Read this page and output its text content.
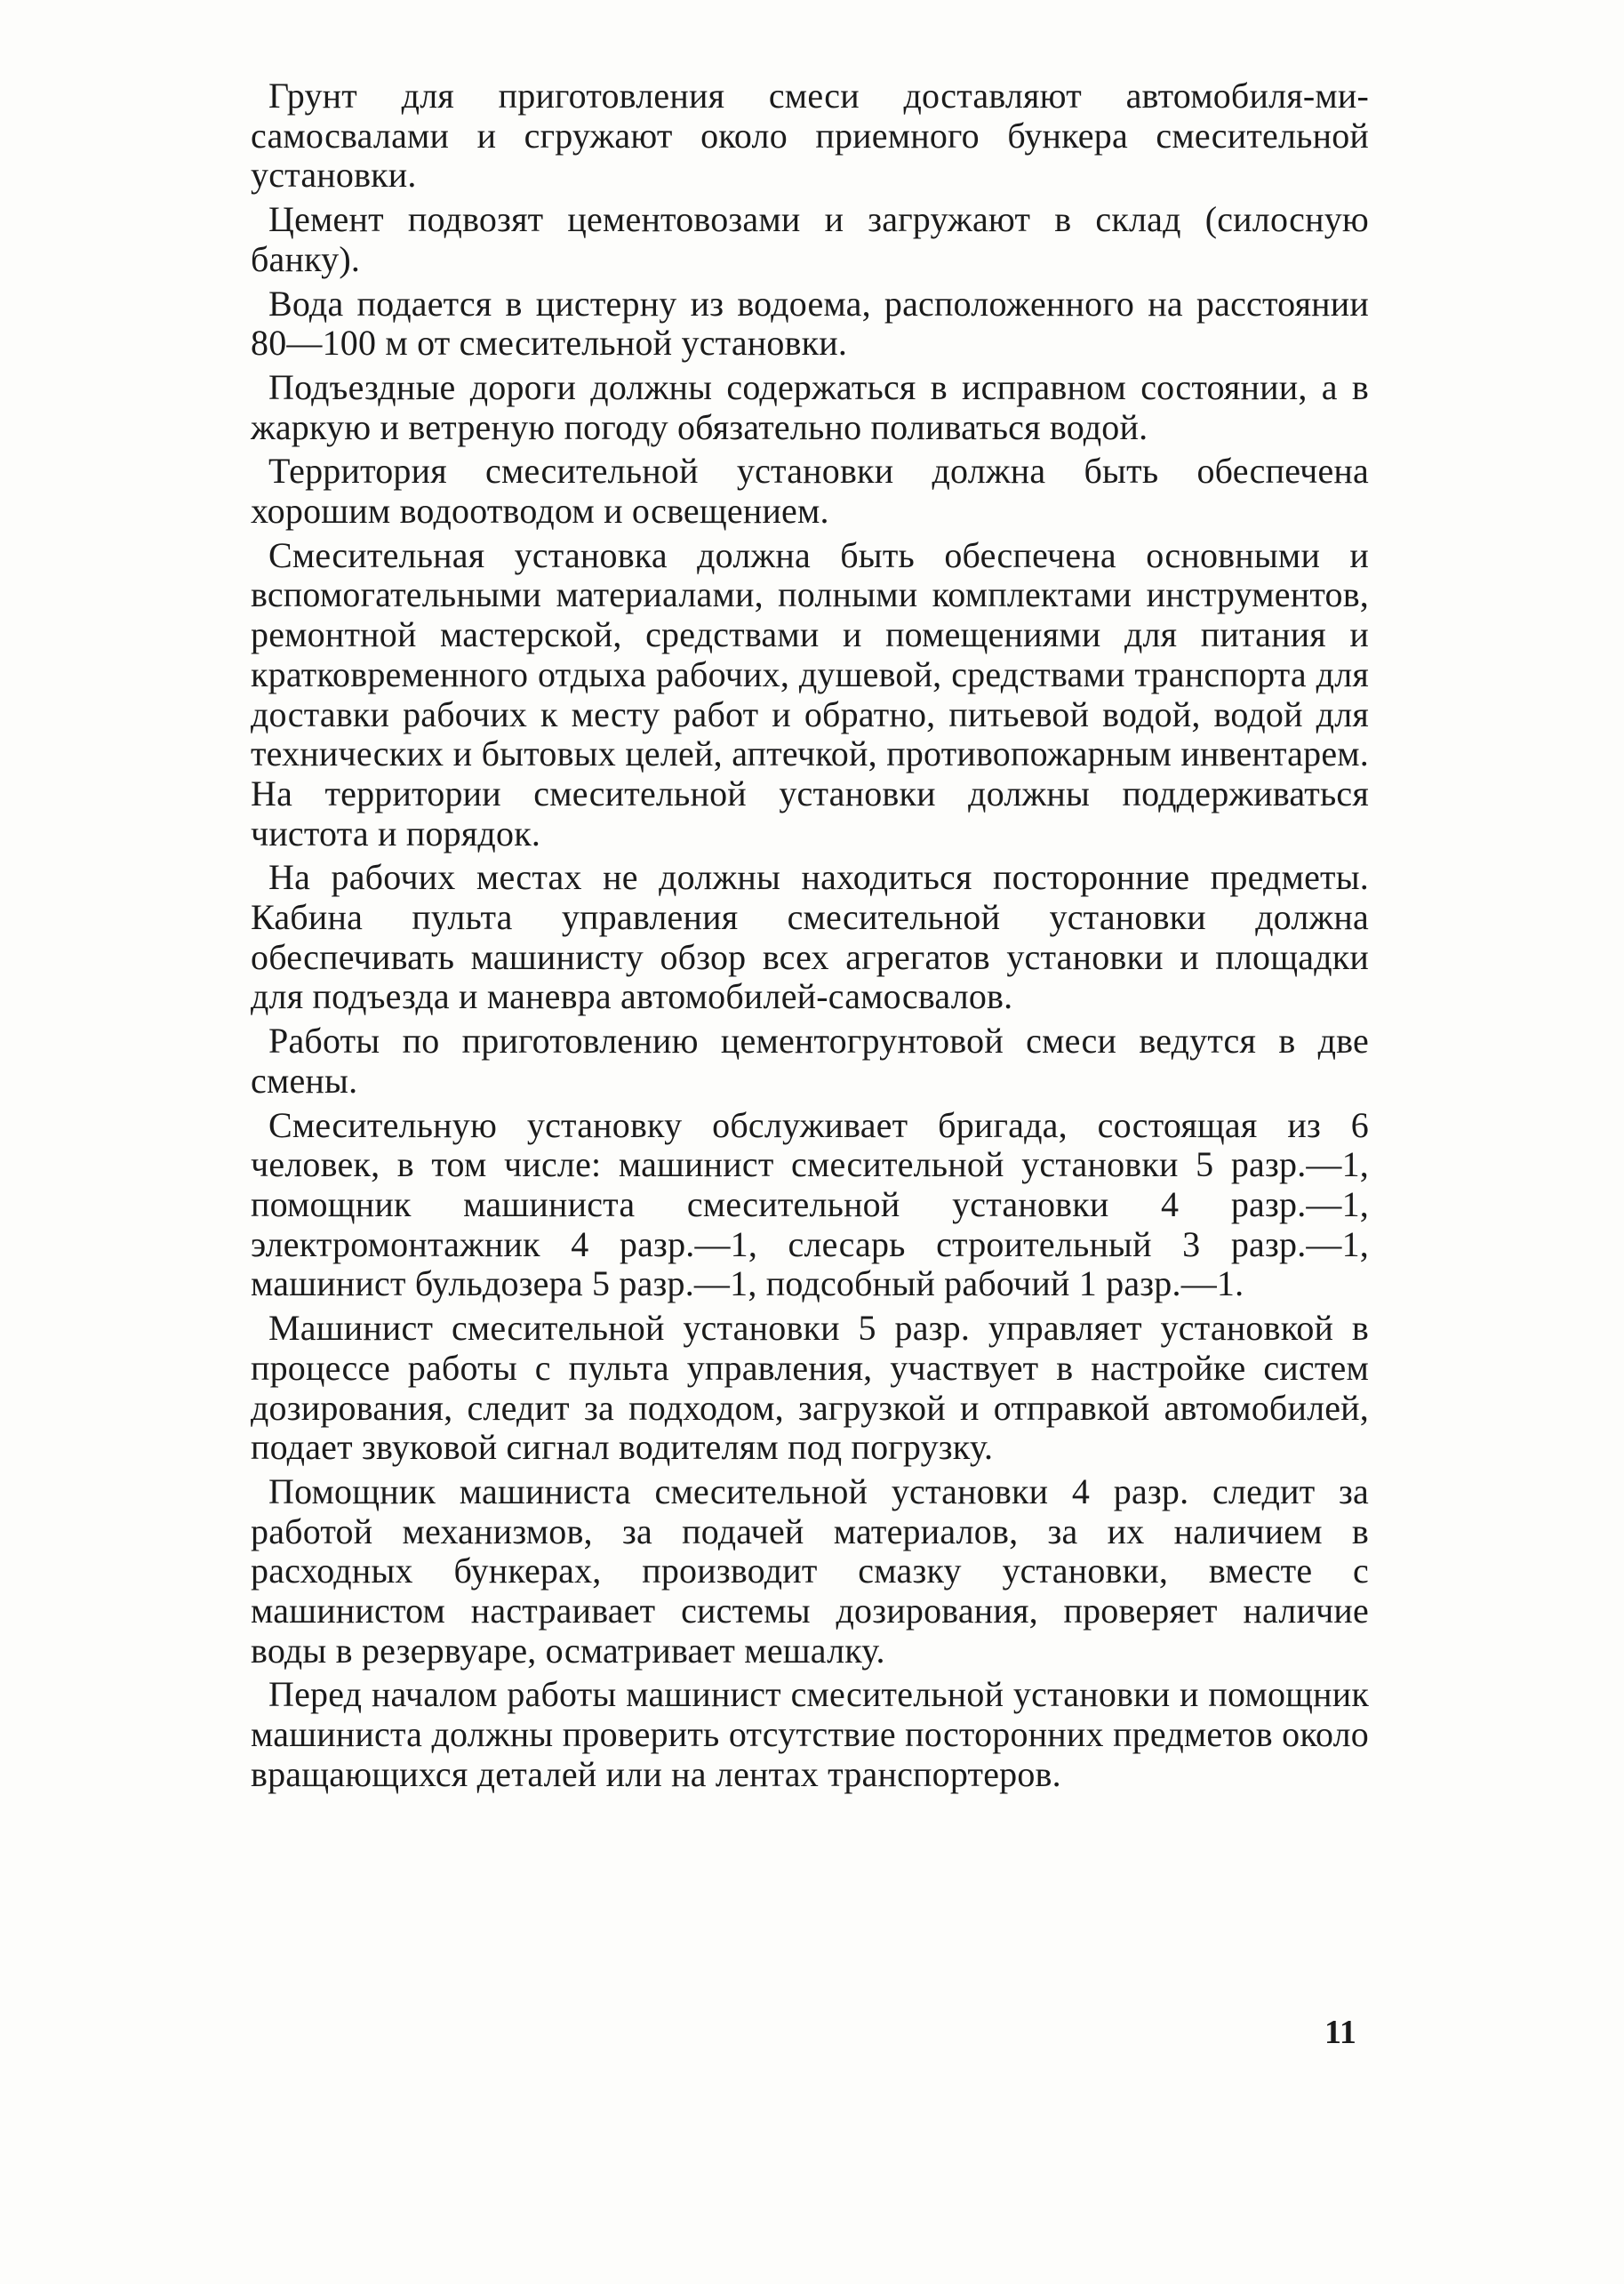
Грунт для приготовления смеси доставляют автомобиля-ми-самосвалами и сгружают около приемного бункера смесительной установки.

Цемент подвозят цементовозами и загружают в склад (силосную банку).

Вода подается в цистерну из водоема, расположенного на расстоянии 80—100 м от смесительной установки.

Подъездные дороги должны содержаться в исправном состоянии, а в жаркую и ветреную погоду обязательно поливаться водой.

Территория смесительной установки должна быть обеспечена хорошим водоотводом и освещением.

Смесительная установка должна быть обеспечена основными и вспомогательными материалами, полными комплектами инструментов, ремонтной мастерской, средствами и помещениями для питания и кратковременного отдыха рабочих, душевой, средствами транспорта для доставки рабочих к месту работ и обратно, питьевой водой, водой для технических и бытовых целей, аптечкой, противопожарным инвентарем. На территории смесительной установки должны поддерживаться чистота и порядок.

На рабочих местах не должны находиться посторонние предметы. Кабина пульта управления смесительной установки должна обеспечивать машинисту обзор всех агрегатов установки и площадки для подъезда и маневра автомобилей-самосвалов.

Работы по приготовлению цементогрунтовой смеси ведутся в две смены.

Смесительную установку обслуживает бригада, состоящая из 6 человек, в том числе: машинист смесительной установки 5 разр.—1, помощник машиниста смесительной установки 4 разр.—1, электромонтажник 4 разр.—1, слесарь строительный 3 разр.—1, машинист бульдозера 5 разр.—1, подсобный рабочий 1 разр.—1.

Машинист смесительной установки 5 разр. управляет установкой в процессе работы с пульта управления, участвует в настройке систем дозирования, следит за подходом, загрузкой и отправкой автомобилей, подает звуковой сигнал водителям под погрузку.

Помощник машиниста смесительной установки 4 разр. следит за работой механизмов, за подачей материалов, за их наличием в расходных бункерах, производит смазку установки, вместе с машинистом настраивает системы дозирования, проверяет наличие воды в резервуаре, осматривает мешалку.

Перед началом работы машинист смесительной установки и помощник машиниста должны проверить отсутствие посторонних предметов около вращающихся деталей или на лентах транспортеров.

11
